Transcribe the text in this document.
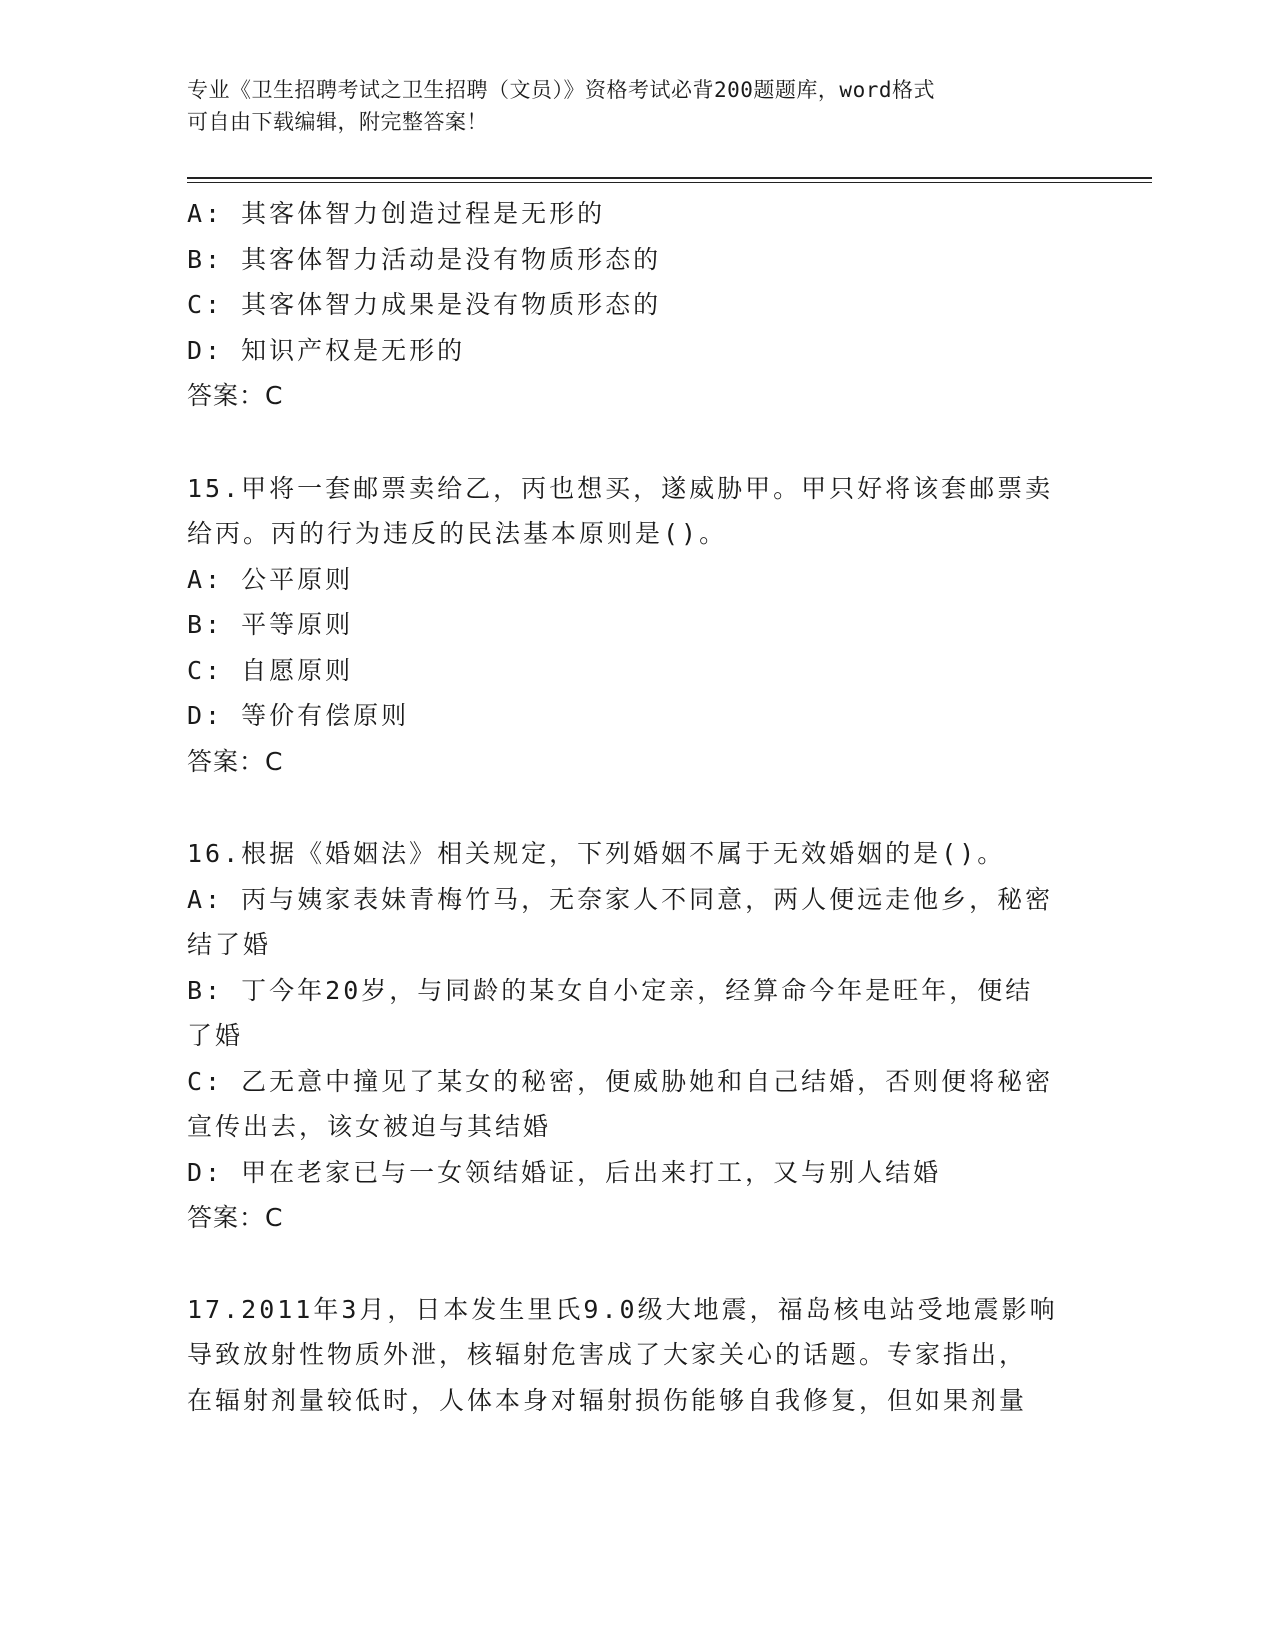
专业《卫生招聘考试之卫生招聘（文员）》资格考试必背200题题库，word格式
可自由下载编辑，附完整答案！
A: 其客体智力创造过程是无形的
B: 其客体智力活动是没有物质形态的
C: 其客体智力成果是没有物质形态的
D: 知识产权是无形的
答案：C
15.甲将一套邮票卖给乙，丙也想买，遂威胁甲。甲只好将该套邮票卖
给丙。丙的行为违反的民法基本原则是()。
A: 公平原则
B: 平等原则
C: 自愿原则
D: 等价有偿原则
答案：C
16.根据《婚姻法》相关规定，下列婚姻不属于无效婚姻的是()。
A: 丙与姨家表妹青梅竹马，无奈家人不同意，两人便远走他乡，秘密
结了婚
B: 丁今年20岁，与同龄的某女自小定亲，经算命今年是旺年，便结
了婚
C: 乙无意中撞见了某女的秘密，便威胁她和自己结婚，否则便将秘密
宣传出去，该女被迫与其结婚
D: 甲在老家已与一女领结婚证，后出来打工，又与别人结婚
答案：C
17.2011年3月，日本发生里氏9.0级大地震，福岛核电站受地震影响
导致放射性物质外泄，核辐射危害成了大家关心的话题。专家指出，
在辐射剂量较低时，人体本身对辐射损伤能够自我修复，但如果剂量
